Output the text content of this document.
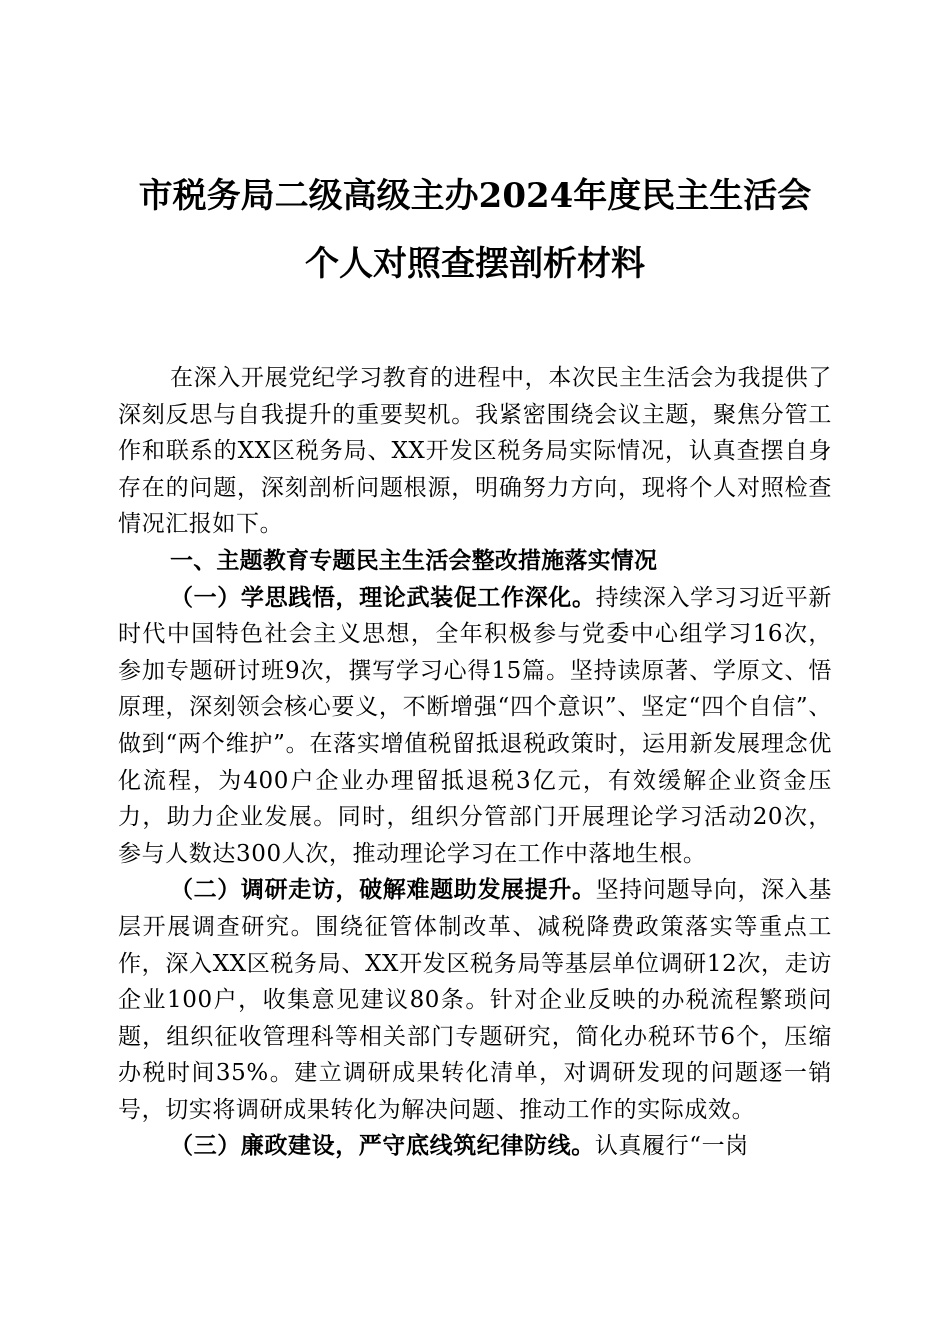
市税务局二级高级主办2024年度民主生活会
个人对照查摆剖析材料

在深入开展党纪学习教育的进程中，本次民主生活会为我提供了深刻反思与自我提升的重要契机。我紧密围绕会议主题，聚焦分管工作和联系的XX区税务局、XX开发区税务局实际情况，认真查摆自身存在的问题，深刻剖析问题根源，明确努力方向，现将个人对照检查情况汇报如下。

一、主题教育专题民主生活会整改措施落实情况

（一）学思践悟，理论武装促工作深化。持续深入学习习近平新时代中国特色社会主义思想，全年积极参与党委中心组学习16次，参加专题研讨班9次，撰写学习心得15篇。坚持读原著、学原文、悟原理，深刻领会核心要义，不断增强“四个意识”、坚定“四个自信”、做到“两个维护”。在落实增值税留抵退税政策时，运用新发展理念优化流程，为400户企业办理留抵退税3亿元，有效缓解企业资金压力，助力企业发展。同时，组织分管部门开展理论学习活动20次，参与人数达300人次，推动理论学习在工作中落地生根。

（二）调研走访，破解难题助发展提升。坚持问题导向，深入基层开展调查研究。围绕征管体制改革、减税降费政策落实等重点工作，深入XX区税务局、XX开发区税务局等基层单位调研12次，走访企业100户，收集意见建议80条。针对企业反映的办税流程繁琐问题，组织征收管理科等相关部门专题研究，简化办税环节6个，压缩办税时间35%。建立调研成果转化清单，对调研发现的问题逐一销号，切实将调研成果转化为解决问题、推动工作的实际成效。

（三）廉政建设，严守底线筑纪律防线。认真履行“一岗
